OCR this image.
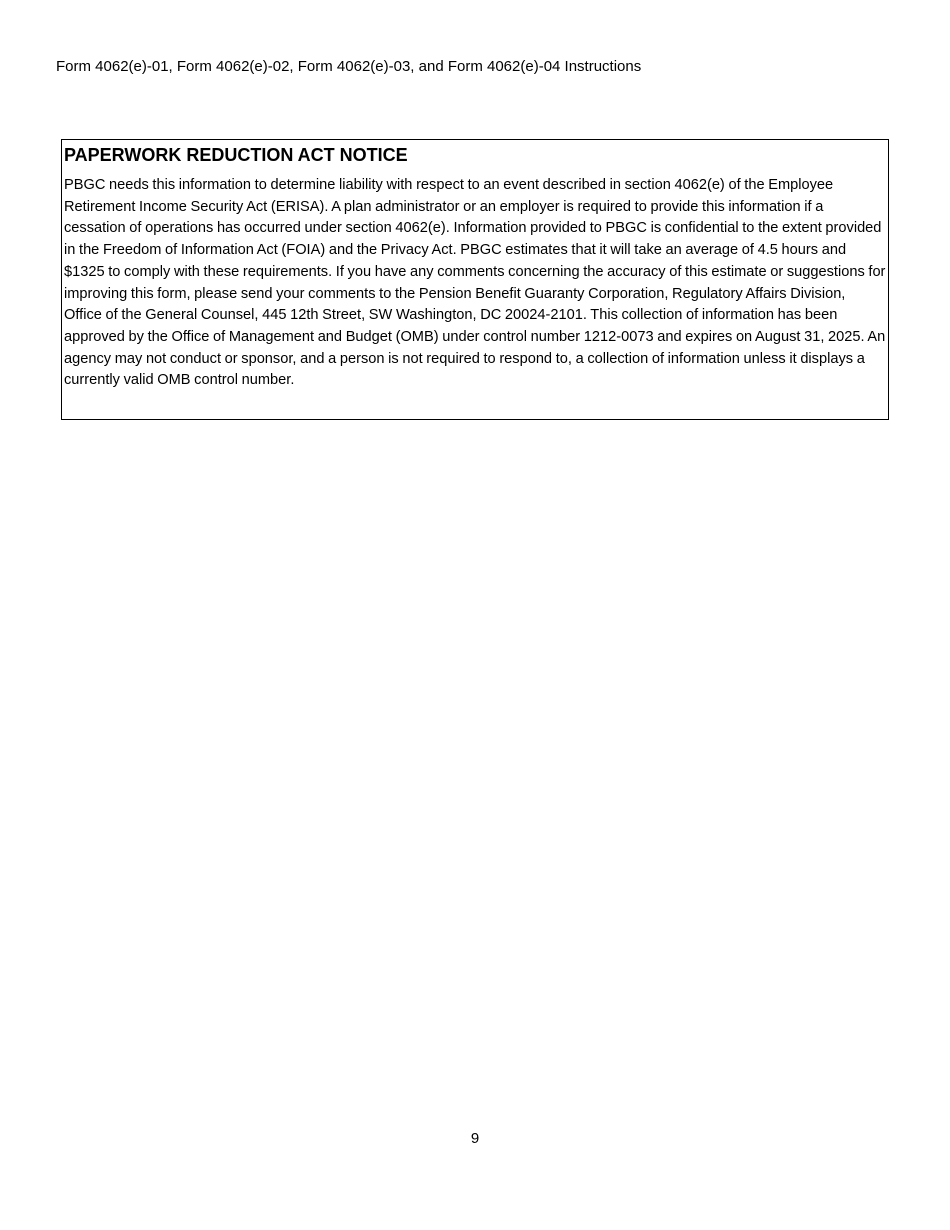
Form 4062(e)-01, Form 4062(e)-02, Form 4062(e)-03, and Form 4062(e)-04 Instructions
PAPERWORK REDUCTION ACT NOTICE

PBGC needs this information to determine liability with respect to an event described in section 4062(e) of the Employee Retirement Income Security Act (ERISA). A plan administrator or an employer is required to provide this information if a cessation of operations has occurred under section 4062(e). Information provided to PBGC is confidential to the extent provided in the Freedom of Information Act (FOIA) and the Privacy Act. PBGC estimates that it will take an average of 4.5 hours and $1325 to comply with these requirements. If you have any comments concerning the accuracy of this estimate or suggestions for improving this form, please send your comments to the Pension Benefit Guaranty Corporation, Regulatory Affairs Division, Office of the General Counsel, 445 12th Street, SW Washington, DC 20024-2101. This collection of information has been approved by the Office of Management and Budget (OMB) under control number 1212-0073 and expires on August 31, 2025. An agency may not conduct or sponsor, and a person is not required to respond to, a collection of information unless it displays a currently valid OMB control number.

9
